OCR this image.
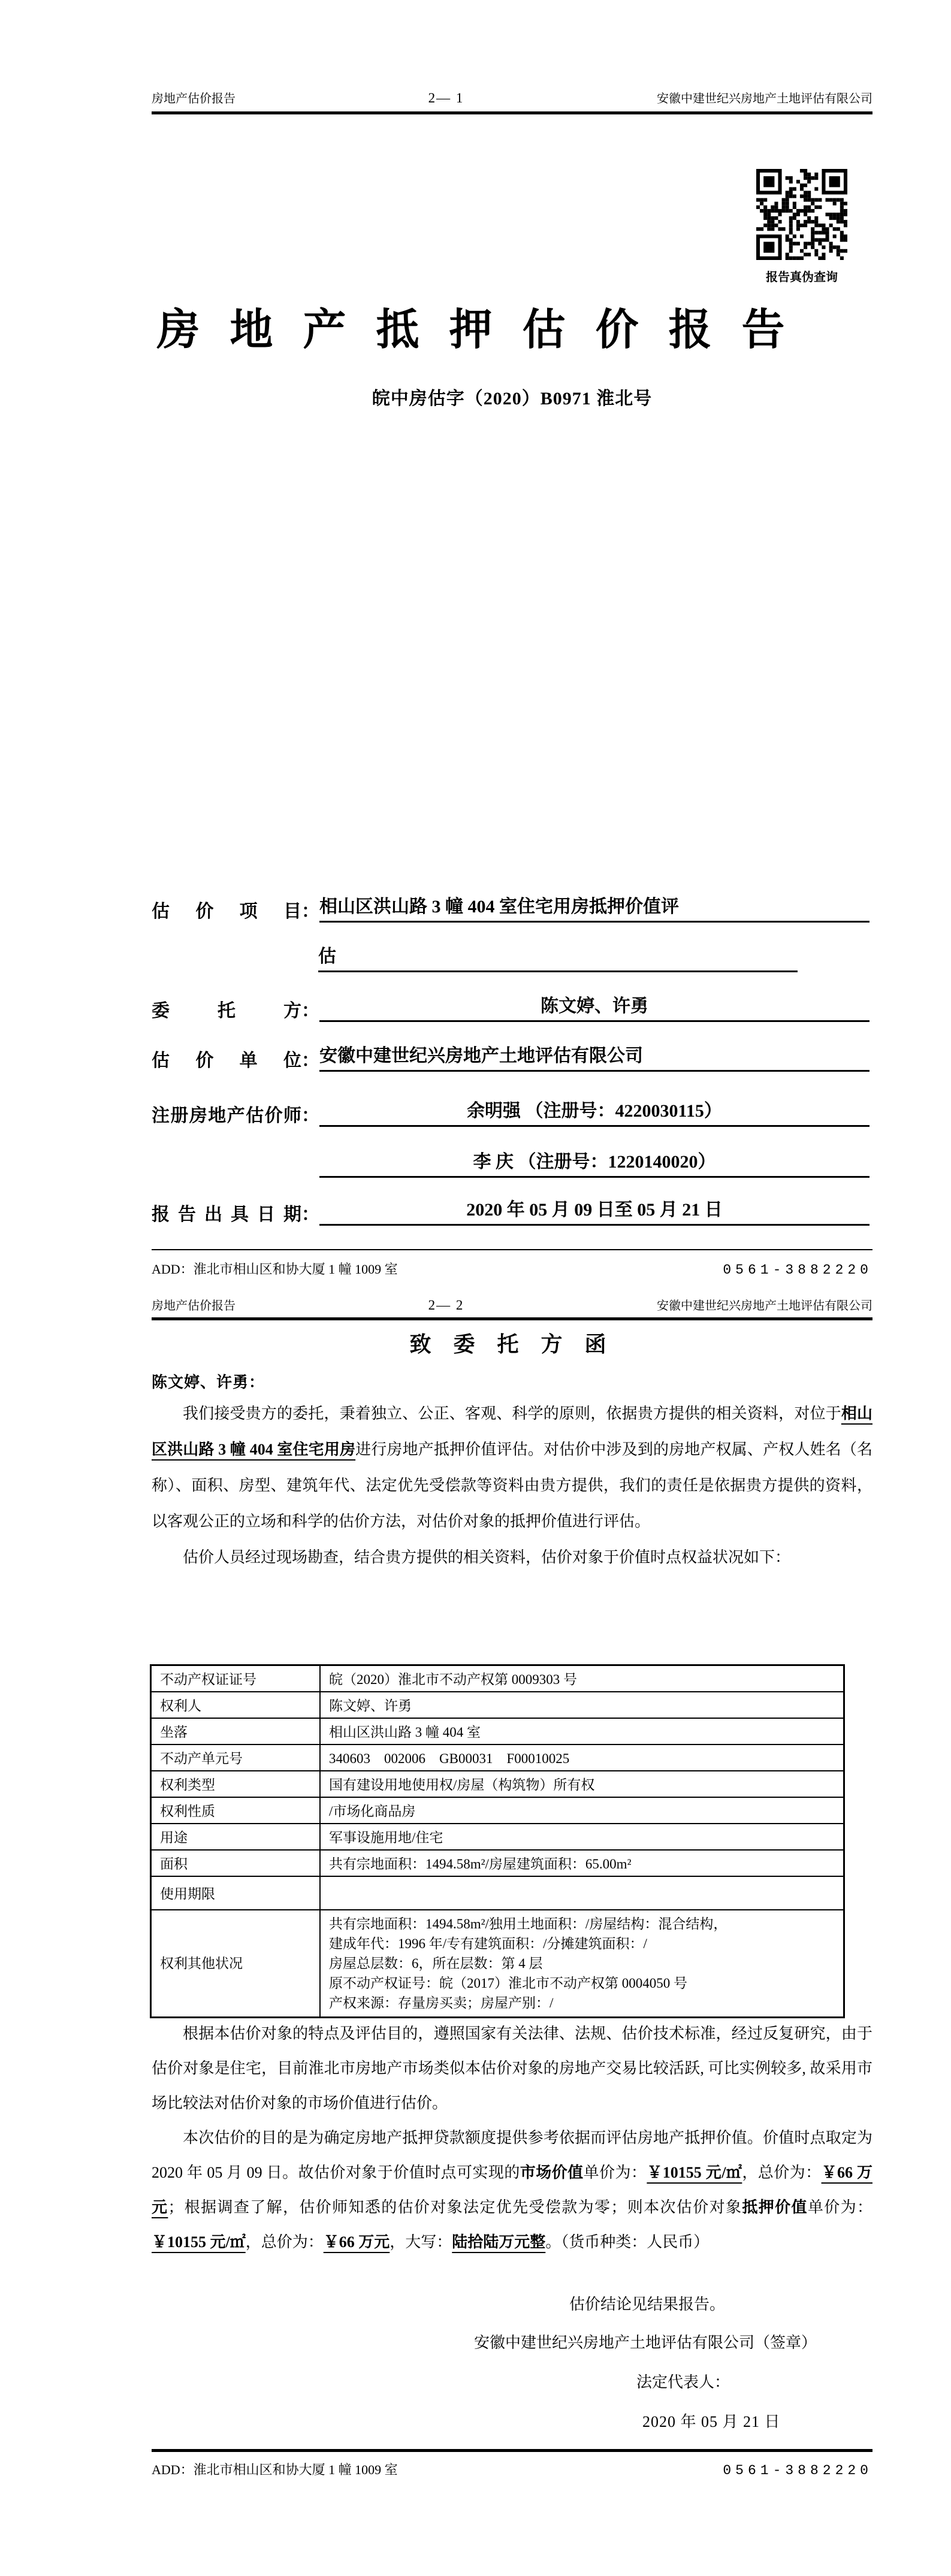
房地产估价报告	2— 1	安徽中建世纪兴房地产土地评估有限公司
报告真伪查询
房 地 产 抵 押 估 价 报 告
皖中房估字（2020）B0971 淮北号
估价项目：相山区洪山路 3 幢 404 室住宅用房抵押价值评
估
委托方：	陈文婷、许勇
估价单位：安徽中建世纪兴房地产土地评估有限公司
注册房地产估价师：	余明强 （注册号：4220030115）
李 庆 （注册号：1220140020）
报告出具日期：	2020 年 05 月 09 日至 05 月 21 日
ADD：淮北市相山区和协大厦 1 幢 1009 室	0561-3882220
房地产估价报告	2— 2	安徽中建世纪兴房地产土地评估有限公司
致 委 托 方 函
陈文婷、许勇：

我们接受贵方的委托，秉着独立、公正、客观、科学的原则，依据贵方提供的相关资料，对位于相山区洪山路 3 幢 404 室住宅用房进行房地产抵押价值评估。对估价中涉及到的房地产权属、产权人姓名（名称）、面积、房型、建筑年代、法定优先受偿款等资料由贵方提供，我们的责任是依据贵方提供的资料，以客观公正的立场和科学的估价方法，对估价对象的抵押价值进行评估。

估价人员经过现场勘查，结合贵方提供的相关资料，估价对象于价值时点权益状况如下：

不动产权证证号	皖（2020）淮北市不动产权第 0009303 号
权利人	陈文婷、许勇
坐落	相山区洪山路 3 幢 404 室
不动产单元号	340603　002006　GB00031　F00010025
权利类型	国有建设用地使用权/房屋（构筑物）所有权
权利性质	/市场化商品房
用途	军事设施用地/住宅
面积	共有宗地面积：1494.58m²/房屋建筑面积：65.00m²
使用期限	
权利其他状况	共有宗地面积：1494.58m²/独用土地面积：/房屋结构：混合结构，
建成年代：1996 年/专有建筑面积：/分摊建筑面积：/
房屋总层数：6，所在层数：第 4 层
原不动产权证号：皖（2017）淮北市不动产权第 0004050 号
产权来源：存量房买卖；房屋产别：/

根据本估价对象的特点及评估目的，遵照国家有关法律、法规、估价技术标准，经过反复研究，由于估价对象是住宅，目前淮北市房地产市场类似本估价对象的房地产交易比较活跃, 可比实例较多, 故采用市场比较法对估价对象的市场价值进行估价。

本次估价的目的是为确定房地产抵押贷款额度提供参考依据而评估房地产抵押价值。价值时点取定为 2020 年 05 月 09 日。故估价对象于价值时点可实现的市场价值单价为：￥10155 元/㎡，总价为：￥66 万元；根据调查了解，估价师知悉的估价对象法定优先受偿款为零；则本次估价对象抵押价值单价为：￥10155 元/㎡，总价为：￥66 万元，大写：陆拾陆万元整。（货币种类：人民币）

估价结论见结果报告。
安徽中建世纪兴房地产土地评估有限公司（签章）
法定代表人：
2020 年 05 月 21 日
ADD：淮北市相山区和协大厦 1 幢 1009 室	0561-3882220
